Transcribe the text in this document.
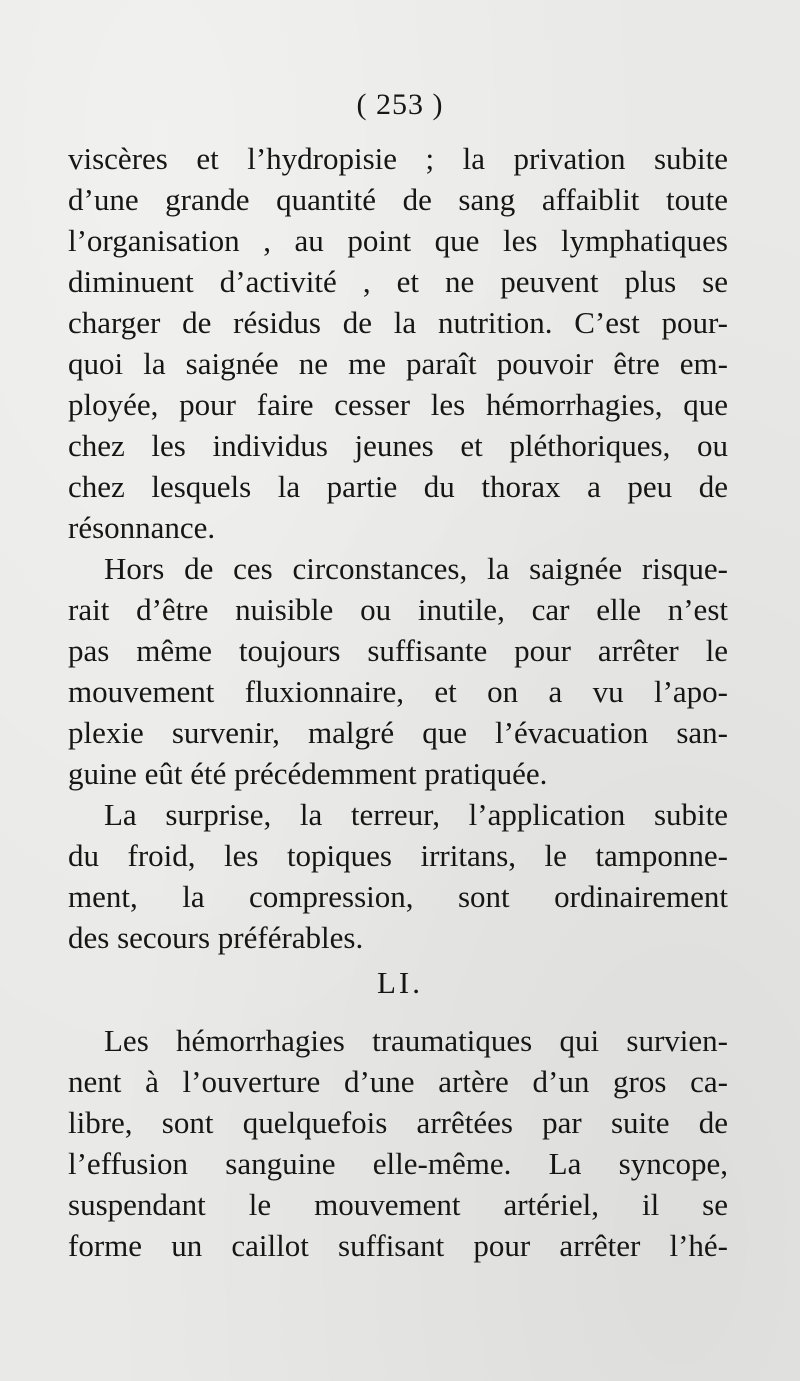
( 253 )
viscères et l’hydropisie ; la privation subite
d’une grande quantité de sang affaiblit toute
l’organisation , au point que les lymphatiques
diminuent d’activité , et ne peuvent plus se
charger de résidus de la nutrition. C’est pour-
quoi la saignée ne me paraît pouvoir être em-
ployée, pour faire cesser les hémorrhagies, que
chez les individus jeunes et pléthoriques, ou
chez lesquels la partie du thorax a peu de
résonnance.
Hors de ces circonstances, la saignée risque-
rait d’être nuisible ou inutile, car elle n’est
pas même toujours suffisante pour arrêter le
mouvement fluxionnaire, et on a vu l’apo-
plexie survenir, malgré que l’évacuation san-
guine eût été précédemment pratiquée.
La surprise, la terreur, l’application subite
du froid, les topiques irritans, le tamponne-
ment, la compression, sont ordinairement
des secours préférables.
LI.
Les hémorrhagies traumatiques qui survien-
nent à l’ouverture d’une artère d’un gros ca-
libre, sont quelquefois arrêtées par suite de
l’effusion sanguine elle-même. La syncope,
suspendant le mouvement artériel, il se
forme un caillot suffisant pour arrêter l’hé-
